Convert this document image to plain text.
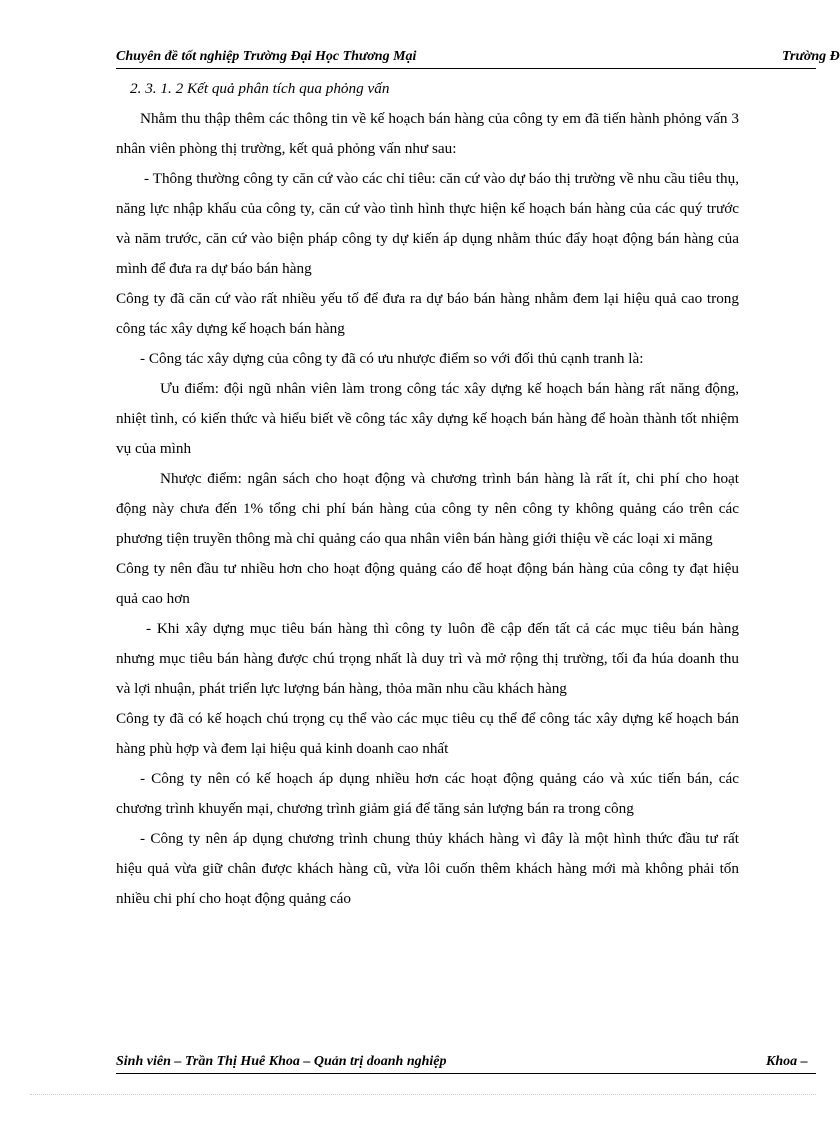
Chuyên đề tốt nghiệp Trường Đại Học Thương Mại	Trường Đ

2. 3. 1. 2 Kết quả phân tích qua phỏng vấn

Nhằm thu thập thêm các thông tin về kế hoạch bán hàng của công ty em đã tiến hành phỏng vấn 3 nhân viên phòng thị trường, kết quả phỏng vấn như sau:

- Thông thường công ty căn cứ vào các chỉ tiêu: căn cứ vào dự báo thị trường về nhu cầu tiêu thụ, năng lực nhập khẩu của công ty, căn cứ vào tình hình thực hiện kế hoạch bán hàng của các quý trước và năm trước, căn cứ vào biện pháp công ty dự kiến áp dụng nhằm thúc đẩy hoạt động bán hàng của mình để đưa ra dự báo bán hàng

Công ty đã căn cứ vào rất nhiều yếu tố để đưa ra dự báo bán hàng nhằm đem lại hiệu quả cao trong công tác xây dựng kế hoạch bán hàng

- Công tác xây dựng của công ty đã có ưu nhược điểm so với đối thủ cạnh tranh là:

Ưu điểm: đội ngũ nhân viên làm trong công tác xây dựng kế hoạch bán hàng rất năng động, nhiệt tình, có kiến thức và hiểu biết về công tác xây dựng kế hoạch bán hàng để hoàn thành tốt nhiệm vụ của mình

Nhược điểm: ngân sách cho hoạt động và chương trình bán hàng là rất ít, chi phí cho hoạt động này chưa đến 1% tổng chi phí bán hàng của công ty nên công ty không quảng cáo trên các phương tiện truyền thông mà chỉ quảng cáo qua nhân viên bán hàng giới thiệu về các loại xi măng

Công ty nên đầu tư nhiều hơn cho hoạt động quảng cáo để hoạt động bán hàng của công ty đạt hiệu quả cao hơn

- Khi xây dựng mục tiêu bán hàng thì công ty luôn đề cập đến tất cả các mục tiêu bán hàng nhưng mục tiêu bán hàng được chú trọng nhất là duy trì và mở rộng thị trường, tối đa húa doanh thu và lợi nhuận, phát triển lực lượng bán hàng, thỏa mãn nhu cầu khách hàng

Công ty đã có kế hoạch chú trọng cụ thể vào các mục tiêu cụ thể để công tác xây dựng kế hoạch bán hàng phù hợp và đem lại hiệu quả kinh doanh cao nhất

- Công ty nên có kế hoạch áp dụng nhiều hơn các hoạt động quảng cáo và xúc tiến bán, các chương trình khuyến mại, chương trình giảm giá để tăng sản lượng bán ra trong công

- Công ty nên áp dụng chương trình chung thủy khách hàng vì đây là một hình thức đầu tư rất hiệu quả vừa giữ chân được khách hàng cũ, vừa lôi cuốn thêm khách hàng mới mà không phải tốn nhiều chi phí cho hoạt động quảng cáo

Sinh viên – Trần Thị Huê Khoa – Quản trị doanh nghiệp	Khoa –
